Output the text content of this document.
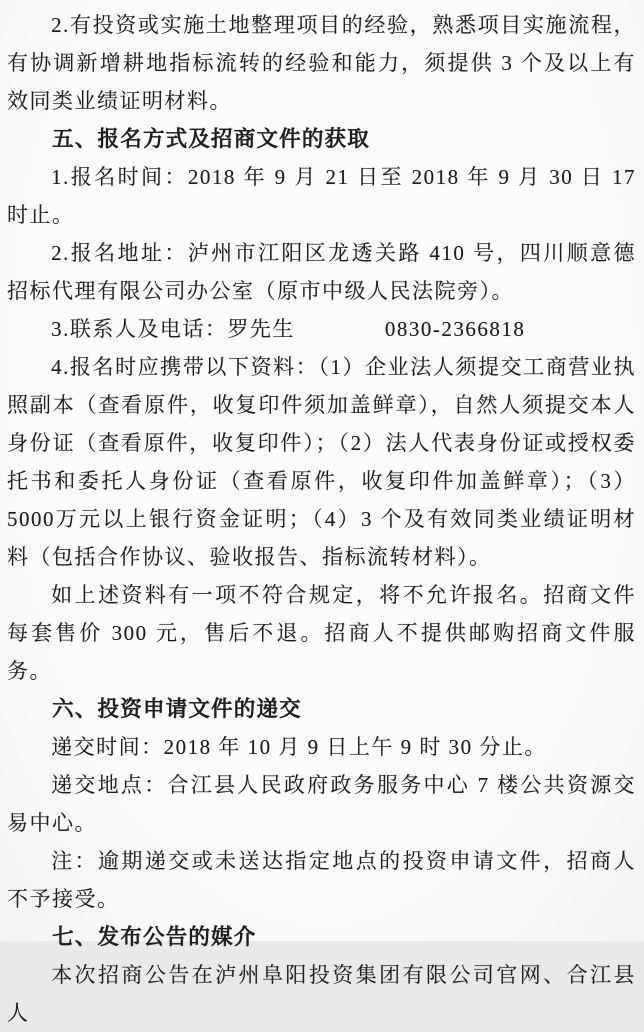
2.有投资或实施土地整理项目的经验，熟悉项目实施流程，有协调新增耕地指标流转的经验和能力，须提供 3 个及以上有效同类业绩证明材料。

五、报名方式及招商文件的获取

1.报名时间：2018 年 9 月 21 日至 2018 年 9 月 30 日 17 时止。

2.报名地址：泸州市江阳区龙透关路 410 号，四川顺意德招标代理有限公司办公室（原市中级人民法院旁）。

3.联系人及电话：罗先生　　　　0830-2366818

4.报名时应携带以下资料：（1）企业法人须提交工商营业执照副本（查看原件，收复印件须加盖鲜章），自然人须提交本人身份证（查看原件，收复印件）；（2）法人代表身份证或授权委托书和委托人身份证（查看原件，收复印件加盖鲜章）；（3）5000万元以上银行资金证明；（4）3 个及有效同类业绩证明材料（包括合作协议、验收报告、指标流转材料）。

如上述资料有一项不符合规定，将不允许报名。招商文件每套售价 300 元，售后不退。招商人不提供邮购招商文件服务。

六、投资申请文件的递交

递交时间：2018 年 10 月 9 日上午 9 时 30 分止。

递交地点：合江县人民政府政务服务中心 7 楼公共资源交易中心。

注：逾期递交或未送达指定地点的投资申请文件，招商人不予接受。

七、发布公告的媒介

本次招商公告在泸州阜阳投资集团有限公司官网、合江县人
